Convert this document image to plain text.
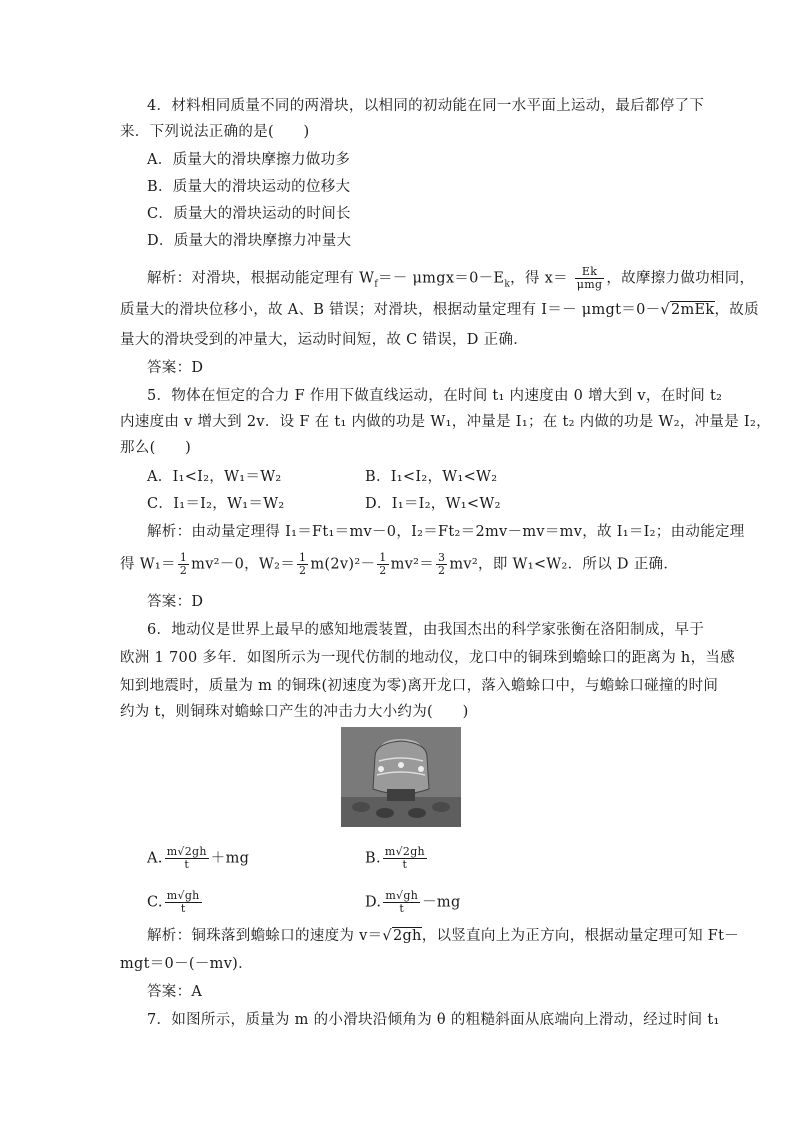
4．材料相同质量不同的两滑块，以相同的初动能在同一水平面上运动，最后都停了下
来．下列说法正确的是(　　)
A．质量大的滑块摩擦力做功多
B．质量大的滑块运动的位移大
C．质量大的滑块运动的时间长
D．质量大的滑块摩擦力冲量大
解析：对滑块，根据动能定理有 $W_f=- \mu mgx=0-E_k$，得 $x= \frac{Ek}{\text{μmg}}$ ，故摩擦力做功相同，
质量大的滑块位移小，故 A、B 错误；对滑块，根据动量定理有 I＝－ μmgt＝0－√2mEk，故质
量大的滑块受到的冲量大，运动时间短，故 C 错误，D 正确．
答案：D
5．物体在恒定的合力 F 作用下做直线运动，在时间 t₁ 内速度由 0 增大到 v，在时间 t₂
内速度由 v 增大到 2v．设 F 在 t₁ 内做的功是 W₁，冲量是 I₁；在 t₂ 内做的功是 W₂，冲量是 I₂，
那么(　　)
A．I₁<I₂，W₁＝W₂	B．I₁<I₂，W₁<W₂
C．I₁＝I₂，W₁＝W₂	D．I₁＝I₂，W₁<W₂
解析：由动量定理得 I₁＝Ft₁＝mv－0，I₂＝Ft₂＝2mv－mv＝mv，故 I₁＝I₂；由动能定理
得 $W_1= \frac{1}{2} mv^2-0$，$W_2= \frac{1}{2} m(2v)^2- \frac{1}{2} mv^2= \frac{3}{2} mv^2$，即 W₁<W₂．所以 D 正确．
答案：D
6．地动仪是世界上最早的感知地震装置，由我国杰出的科学家张衡在洛阳制成，早于
欧洲 1 700 多年．如图所示为一现代仿制的地动仪，龙口中的铜珠到蟾蜍口的距离为 h，当感
知到地震时，质量为 m 的铜珠(初速度为零)离开龙口，落入蟾蜍口中，与蟾蜍口碰撞的时间
约为 t，则铜珠对蟾蜍口产生的冲击力大小约为(　　)
A. $\frac{m√2gh}{t} +mg$	B. $\frac{m√2gh}{t}$
C. $\frac{m√gh}{t}$	D. $\frac{m√gh}{t} -mg$
解析：铜珠落到蟾蜍口的速度为 v＝√2gh，以竖直向上为正方向，根据动量定理可知 Ft－
mgt＝0－(－mv)．
答案：A
7．如图所示，质量为 m 的小滑块沿倾角为 θ 的粗糙斜面从底端向上滑动，经过时间 t₁
